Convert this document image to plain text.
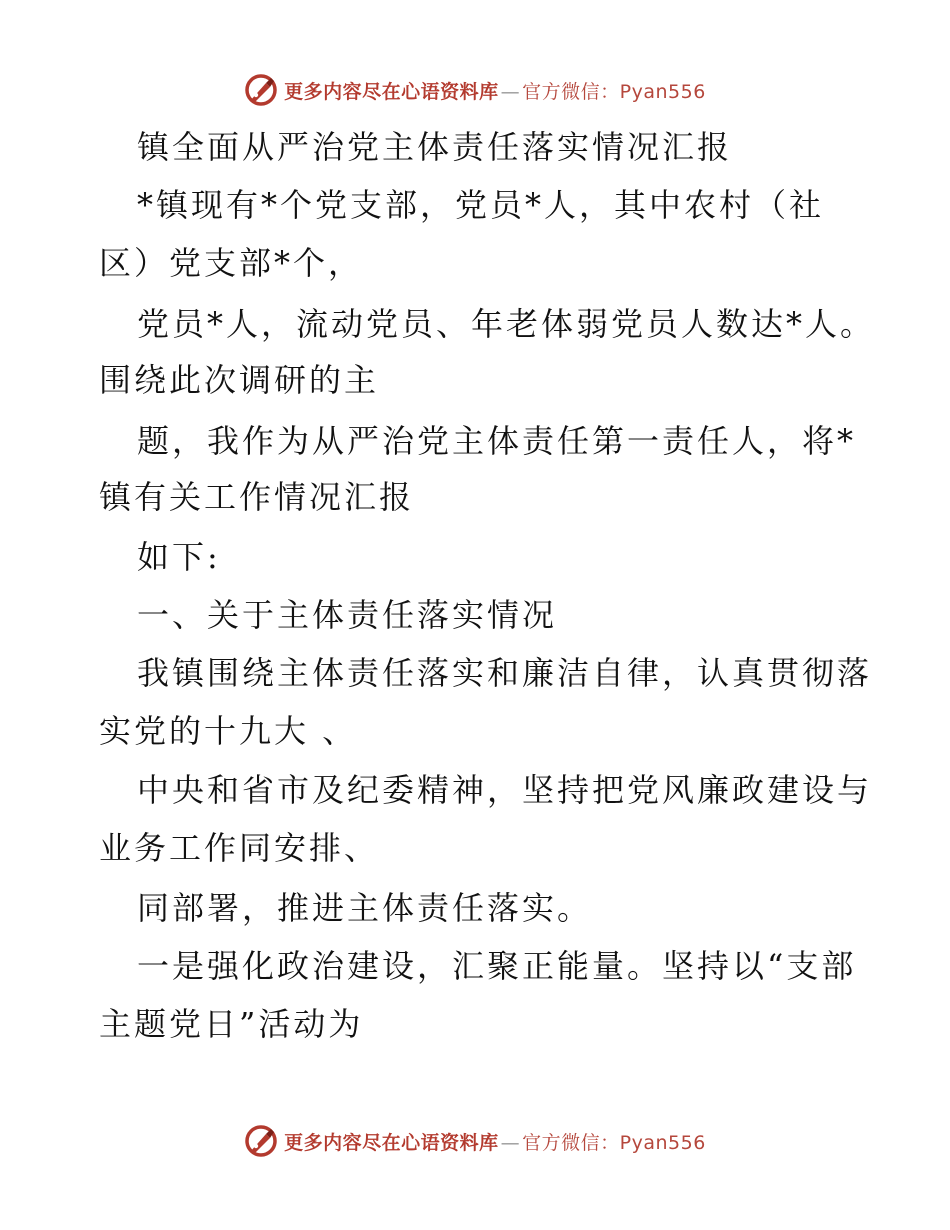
更多内容尽在心语资料库 — 官方微信：Pyan556
镇全面从严治党主体责任落实情况汇报
*镇现有*个党支部，党员*人，其中农村（社
区）党支部*个，
党员*人，流动党员、年老体弱党员人数达*人。
围绕此次调研的主
题，我作为从严治党主体责任第一责任人，将*
镇有关工作情况汇报
如下:
一、关于主体责任落实情况
我镇围绕主体责任落实和廉洁自律，认真贯彻落
实党的十九大 、
中央和省市及纪委精神，坚持把党风廉政建设与
业务工作同安排、
同部署，推进主体责任落实。
一是强化政治建设，汇聚正能量。坚持以“支部
主题党日”活动为
更多内容尽在心语资料库 — 官方微信：Pyan556
